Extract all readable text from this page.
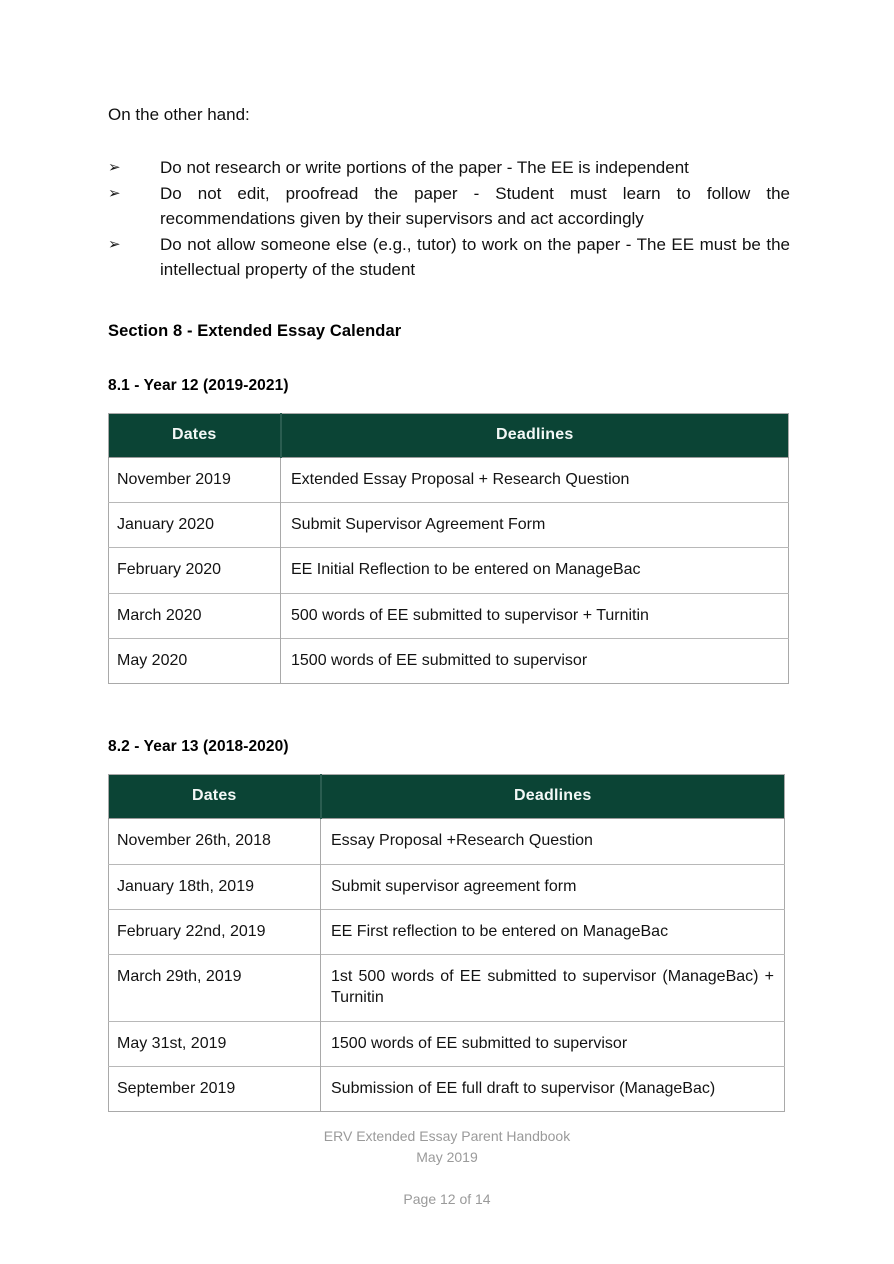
On the other hand:

➢	Do not research or write portions of the paper - The EE is independent
➢	Do not edit, proofread the paper - Student must learn to follow the recommendations given by their supervisors and act accordingly
➢	Do not allow someone else (e.g., tutor) to work on the paper - The EE must be the intellectual property of the student
Section 8 - Extended Essay Calendar
8.1 - Year 12 (2019-2021)
Dates	Deadlines
November 2019	Extended Essay Proposal + Research Question
January 2020	Submit Supervisor Agreement Form
February 2020	EE Initial Reflection to be entered on ManageBac
March 2020	500 words of EE submitted to supervisor + Turnitin
May 2020	1500 words of EE submitted to supervisor
8.2 - Year 13 (2018-2020)
Dates	Deadlines
November 26th, 2018	Essay Proposal +Research Question
January 18th, 2019	Submit supervisor agreement form
February 22nd, 2019	EE First reflection to be entered on ManageBac
March 29th, 2019	1st 500 words of EE submitted to supervisor (ManageBac) + Turnitin
May 31st, 2019	1500 words of EE submitted to supervisor
September 2019	Submission of EE full draft to supervisor (ManageBac)
ERV Extended Essay Parent Handbook
May 2019
Page 12 of 14
